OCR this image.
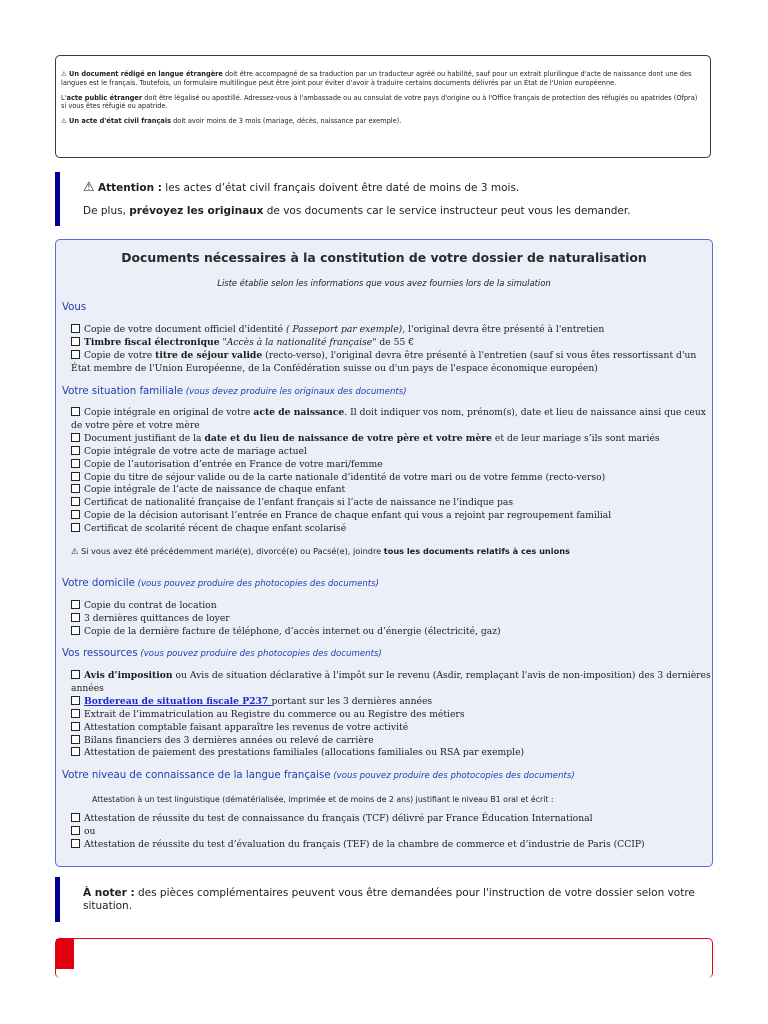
⚠ Un document rédigé en langue étrangère doit être accompagné de sa traduction par un traducteur agréé ou habilité, sauf pour un extrait plurilingue d'acte de naissance dont une des langues est le français. Toutefois, un formulaire multilingue peut être joint pour éviter d'avoir à traduire certains documents délivrés par un État de l'Union européenne.

L'acte public étranger doit être légalisé ou apostillé. Adressez-vous à l'ambassade ou au consulat de votre pays d'origine ou à l'Office français de protection des réfugiés ou apatrides (Ofpra) si vous êtes réfugié ou apatride.

⚠ Un acte d'état civil français doit avoir moins de 3 mois (mariage, décès, naissance par exemple).

⚠ Attention : les actes d’état civil français doivent être daté de moins de 3 mois.

De plus, prévoyez les originaux de vos documents car le service instructeur peut vous les demander.

Documents nécessaires à la constitution de votre dossier de naturalisation
Liste établie selon les informations que vous avez fournies lors de la simulation
Vous
Copie de votre document officiel d'identité ( Passeport par exemple), l'original devra être présenté à l'entretien
Timbre fiscal électronique "Accès à la nationalité française" de 55 €
Copie de votre titre de séjour valide (recto-verso), l'original devra être présenté à l'entretien (sauf si vous êtes ressortissant d'un État membre de l'Union Européenne, de la Confédération suisse ou d'un pays de l'espace économique européen)
Votre situation familiale (vous devez produire les originaux des documents)
Copie intégrale en original de votre acte de naissance. Il doit indiquer vos nom, prénom(s), date et lieu de naissance ainsi que ceux de votre père et votre mère
Document justifiant de la date et du lieu de naissance de votre père et votre mère et de leur mariage s’ils sont mariés
Copie intégrale de votre acte de mariage actuel
Copie de l’autorisation d’entrée en France de votre mari/femme
Copie du titre de séjour valide ou de la carte nationale d’identité de votre mari ou de votre femme (recto-verso)
Copie intégrale de l’acte de naissance de chaque enfant
Certificat de nationalité française de l’enfant français si l’acte de naissance ne l’indique pas
Copie de la décision autorisant l’entrée en France de chaque enfant qui vous a rejoint par regroupement familial
Certificat de scolarité récent de chaque enfant scolarisé
⚠ Si vous avez été précédemment marié(e), divorcé(e) ou Pacsé(e), joindre tous les documents relatifs à ces unions
Votre domicile (vous pouvez produire des photocopies des documents)
Copie du contrat de location
3 dernières quittances de loyer
Copie de la dernière facture de téléphone, d’accès internet ou d’énergie (électricité, gaz)
Vos ressources (vous pouvez produire des photocopies des documents)
Avis d’imposition ou Avis de situation déclarative à l'impôt sur le revenu (Asdir, remplaçant l'avis de non-imposition) des 3 dernières années
Bordereau de situation fiscale P237 portant sur les 3 dernières années
Extrait de l’immatriculation au Registre du commerce ou au Registre des métiers
Attestation comptable faisant apparaître les revenus de votre activité
Bilans financiers des 3 dernières années ou relevé de carrière
Attestation de paiement des prestations familiales (allocations familiales ou RSA par exemple)
Votre niveau de connaissance de la langue française (vous pouvez produire des photocopies des documents)
Attestation à un test linguistique (dématérialisée, imprimée et de moins de 2 ans) justifiant le niveau B1 oral et écrit :
Attestation de réussite du test de connaissance du français (TCF) délivré par France Éducation International
ou
Attestation de réussite du test d’évaluation du français (TEF) de la chambre de commerce et d’industrie de Paris (CCIP)

À noter : des pièces complémentaires peuvent vous être demandées pour l'instruction de votre dossier selon votre situation.
